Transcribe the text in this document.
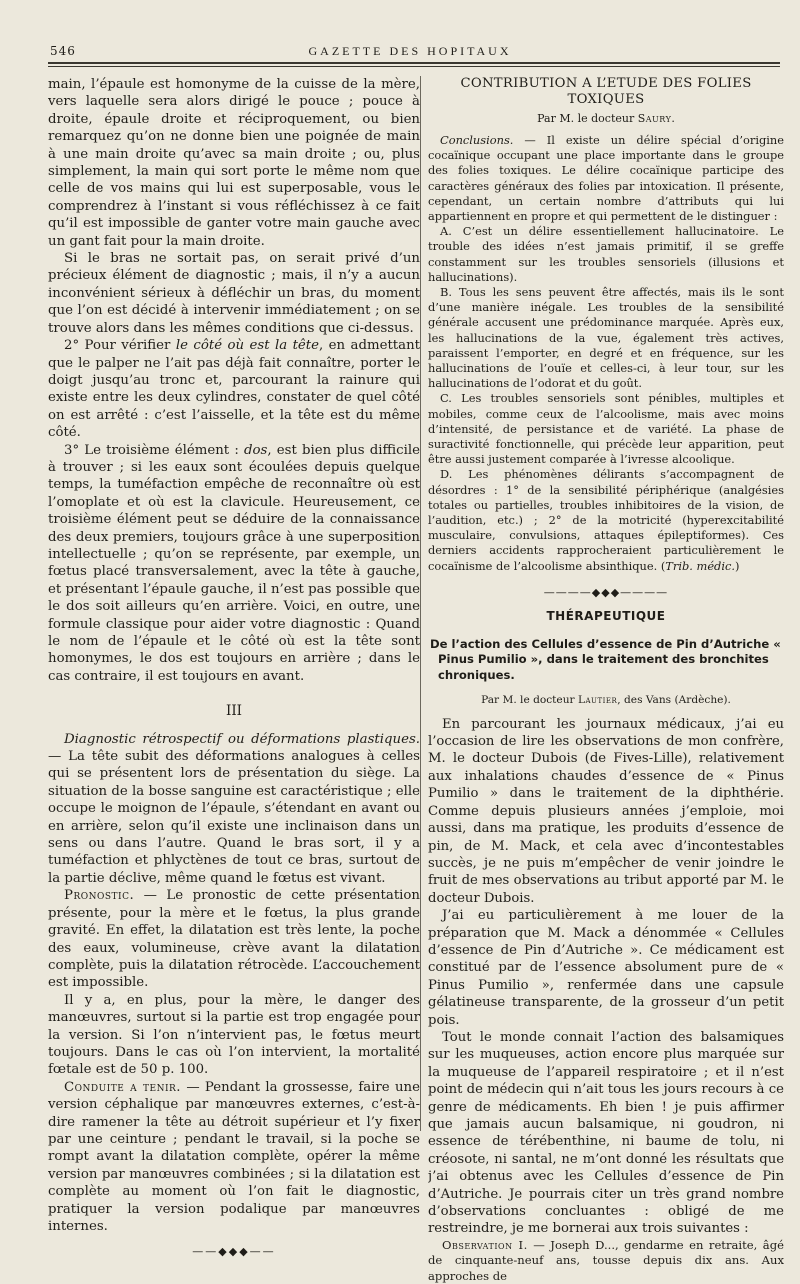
546	GAZETTE DES HOPITAUX

main, l’épaule est homonyme de la cuisse de la mère, vers laquelle sera alors dirigé le pouce ; pouce à droite, épaule droite et réciproquement, ou bien remarquez qu’on ne donne bien une poignée de main à une main droite qu’avec sa main droite ; ou, plus simplement, la main qui sort porte le même nom que celle de vos mains qui lui est superposable, vous le comprendrez à l’instant si vous réfléchissez à ce fait qu’il est impossible de ganter votre main gauche avec un gant fait pour la main droite.

Si le bras ne sortait pas, on serait privé d’un précieux élément de diagnostic ; mais, il n’y a aucun inconvénient sérieux à défléchir un bras, du moment que l’on est décidé à intervenir immédiatement ; on se trouve alors dans les mêmes conditions que ci-dessus.

2° Pour vérifier le côté où est la tête, en admettant que le palper ne l’ait pas déjà fait connaître, porter le doigt jusqu’au tronc et, parcourant la rainure qui existe entre les deux cylindres, constater de quel côté on est arrêté : c’est l’aisselle, et la tête est du même côté.

3° Le troisième élément : dos, est bien plus difficile à trouver ; si les eaux sont écoulées depuis quelque temps, la tuméfaction empêche de reconnaître où est l’omoplate et où est la clavicule. Heureusement, ce troisième élément peut se déduire de la connaissance des deux premiers, toujours grâce à une superposition intellectuelle ; qu’on se représente, par exemple, un fœtus placé transversalement, avec la tête à gauche, et présentant l’épaule gauche, il n’est pas possible que le dos soit ailleurs qu’en arrière. Voici, en outre, une formule classique pour aider votre diagnostic : Quand le nom de l’épaule et le côté où est la tête sont homonymes, le dos est toujours en arrière ; dans le cas contraire, il est toujours en avant.

III

Diagnostic rétrospectif ou déformations plastiques. — La tête subit des déformations analogues à celles qui se présentent lors de présentation du siège. La situation de la bosse sanguine est caractéristique ; elle occupe le moignon de l’épaule, s’étendant en avant ou en arrière, selon qu’il existe une inclinaison dans un sens ou dans l’autre. Quand le bras sort, il y a tuméfaction et phlyctènes de tout ce bras, surtout de la partie déclive, même quand le fœtus est vivant.

Pronostic. — Le pronostic de cette présentation présente, pour la mère et le fœtus, la plus grande gravité. En effet, la dilatation est très lente, la poche des eaux, volumineuse, crève avant la dilatation complète, puis la dilatation rétrocède. L’accouchement est impossible.

Il y a, en plus, pour la mère, le danger des manœuvres, surtout si la partie est trop engagée pour la version. Si l’on n’intervient pas, le fœtus meurt toujours. Dans le cas où l’on intervient, la mortalité fœtale est de 50 p. 100.

Conduite a tenir. — Pendant la grossesse, faire une version céphalique par manœuvres externes, c’est-à-dire ramener la tête au détroit supérieur et l’y fixer par une ceinture ; pendant le travail, si la poche se rompt avant la dilatation complète, opérer la même version par manœuvres combinées ; si la dilatation est complète au moment où l’on fait le diagnostic, pratiquer la version podalique par manœuvres internes.

——◆◆◆——
CONTRIBUTION A L’ETUDE DES FOLIES TOXIQUES
Par M. le docteur Saury.

Conclusions. — Il existe un délire spécial d’origine cocaïnique occupant une place importante dans le groupe des folies toxiques. Le délire cocaïnique participe des caractères généraux des folies par intoxication. Il présente, cependant, un certain nombre d’attributs qui lui appartiennent en propre et qui permettent de le distinguer :

A. C’est un délire essentiellement hallucinatoire. Le trouble des idées n’est jamais primitif, il se greffe constamment sur les troubles sensoriels (illusions et hallucinations).

B. Tous les sens peuvent être affectés, mais ils le sont d’une manière inégale. Les troubles de la sensibilité générale accusent une prédominance marquée. Après eux, les hallucinations de la vue, également très actives, paraissent l’emporter, en degré et en fréquence, sur les hallucinations de l’ouïe et celles-ci, à leur tour, sur les hallucinations de l’odorat et du goût.

C. Les troubles sensoriels sont pénibles, multiples et mobiles, comme ceux de l’alcoolisme, mais avec moins d’intensité, de persistance et de variété. La phase de suractivité fonctionnelle, qui précède leur apparition, peut être aussi justement comparée à l’ivresse alcoolique.

D. Les phénomènes délirants s’accompagnent de désordres : 1° de la sensibilité périphérique (analgésies totales ou partielles, troubles inhibitoires de la vision, de l’audition, etc.) ; 2° de la motricité (hyperexcitabilité musculaire, convulsions, attaques épileptiformes). Ces derniers accidents rapprocheraient particulièrement le cocaïnisme de l’alcoolisme absinthique. (Trib. médic.)

————◆◆◆————
THÉRAPEUTIQUE
De l’action des Cellules d’essence de Pin d’Autriche « Pinus Pumilio », dans le traitement des bronchites chroniques.
Par M. le docteur Lautier, des Vans (Ardèche).

En parcourant les journaux médicaux, j’ai eu l’occasion de lire les observations de mon confrère, M. le docteur Dubois (de Fives-Lille), relativement aux inhalations chaudes d’essence de « Pinus Pumilio » dans le traitement de la diphthérie. Comme depuis plusieurs années j’emploie, moi aussi, dans ma pratique, les produits d’essence de pin, de M. Mack, et cela avec d’incontestables succès, je ne puis m’empêcher de venir joindre le fruit de mes observations au tribut apporté par M. le docteur Dubois.

J’ai eu particulièrement à me louer de la préparation que M. Mack a dénommée « Cellules d’essence de Pin d’Autriche ». Ce médicament est constitué par de l’essence absolument pure de « Pinus Pumilio », renfermée dans une capsule gélatineuse transparente, de la grosseur d’un petit pois.

Tout le monde connait l’action des balsamiques sur les muqueuses, action encore plus marquée sur la muqueuse de l’appareil respiratoire ; et il n’est point de médecin qui n’ait tous les jours recours à ce genre de médicaments. Eh bien ! je puis affirmer que jamais aucun balsamique, ni goudron, ni essence de térébenthine, ni baume de tolu, ni créosote, ni santal, ne m’ont donné les résultats que j’ai obtenus avec les Cellules d’essence de Pin d’Autriche. Je pourrais citer un très grand nombre d’observations concluantes : obligé de me restreindre, je me bornerai aux trois suivantes :

Observation I. — Joseph D..., gendarme en retraite, âgé de cinquante-neuf ans, tousse depuis dix ans. Aux approches de
